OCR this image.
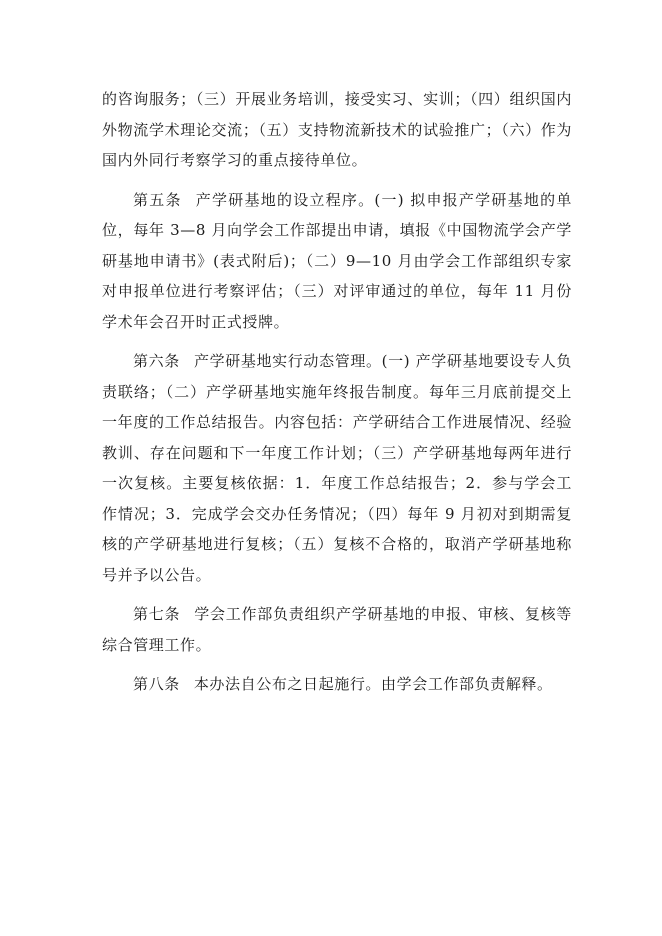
的咨询服务；（三）开展业务培训，接受实习、实训；（四）组织国内外物流学术理论交流；（五）支持物流新技术的试验推广；（六）作为国内外同行考察学习的重点接待单位。

第五条 产学研基地的设立程序。(一) 拟申报产学研基地的单位，每年 3—8 月向学会工作部提出申请，填报《中国物流学会产学研基地申请书》(表式附后)；（二）9—10 月由学会工作部组织专家对申报单位进行考察评估；（三）对评审通过的单位，每年 11 月份学术年会召开时正式授牌。

第六条 产学研基地实行动态管理。(一) 产学研基地要设专人负责联络；（二）产学研基地实施年终报告制度。每年三月底前提交上一年度的工作总结报告。内容包括：产学研结合工作进展情况、经验教训、存在问题和下一年度工作计划；（三）产学研基地每两年进行一次复核。主要复核依据：1．年度工作总结报告；2．参与学会工作情况；3．完成学会交办任务情况；（四）每年 9 月初对到期需复核的产学研基地进行复核；（五）复核不合格的，取消产学研基地称号并予以公告。

第七条 学会工作部负责组织产学研基地的申报、审核、复核等综合管理工作。

第八条 本办法自公布之日起施行。由学会工作部负责解释。
